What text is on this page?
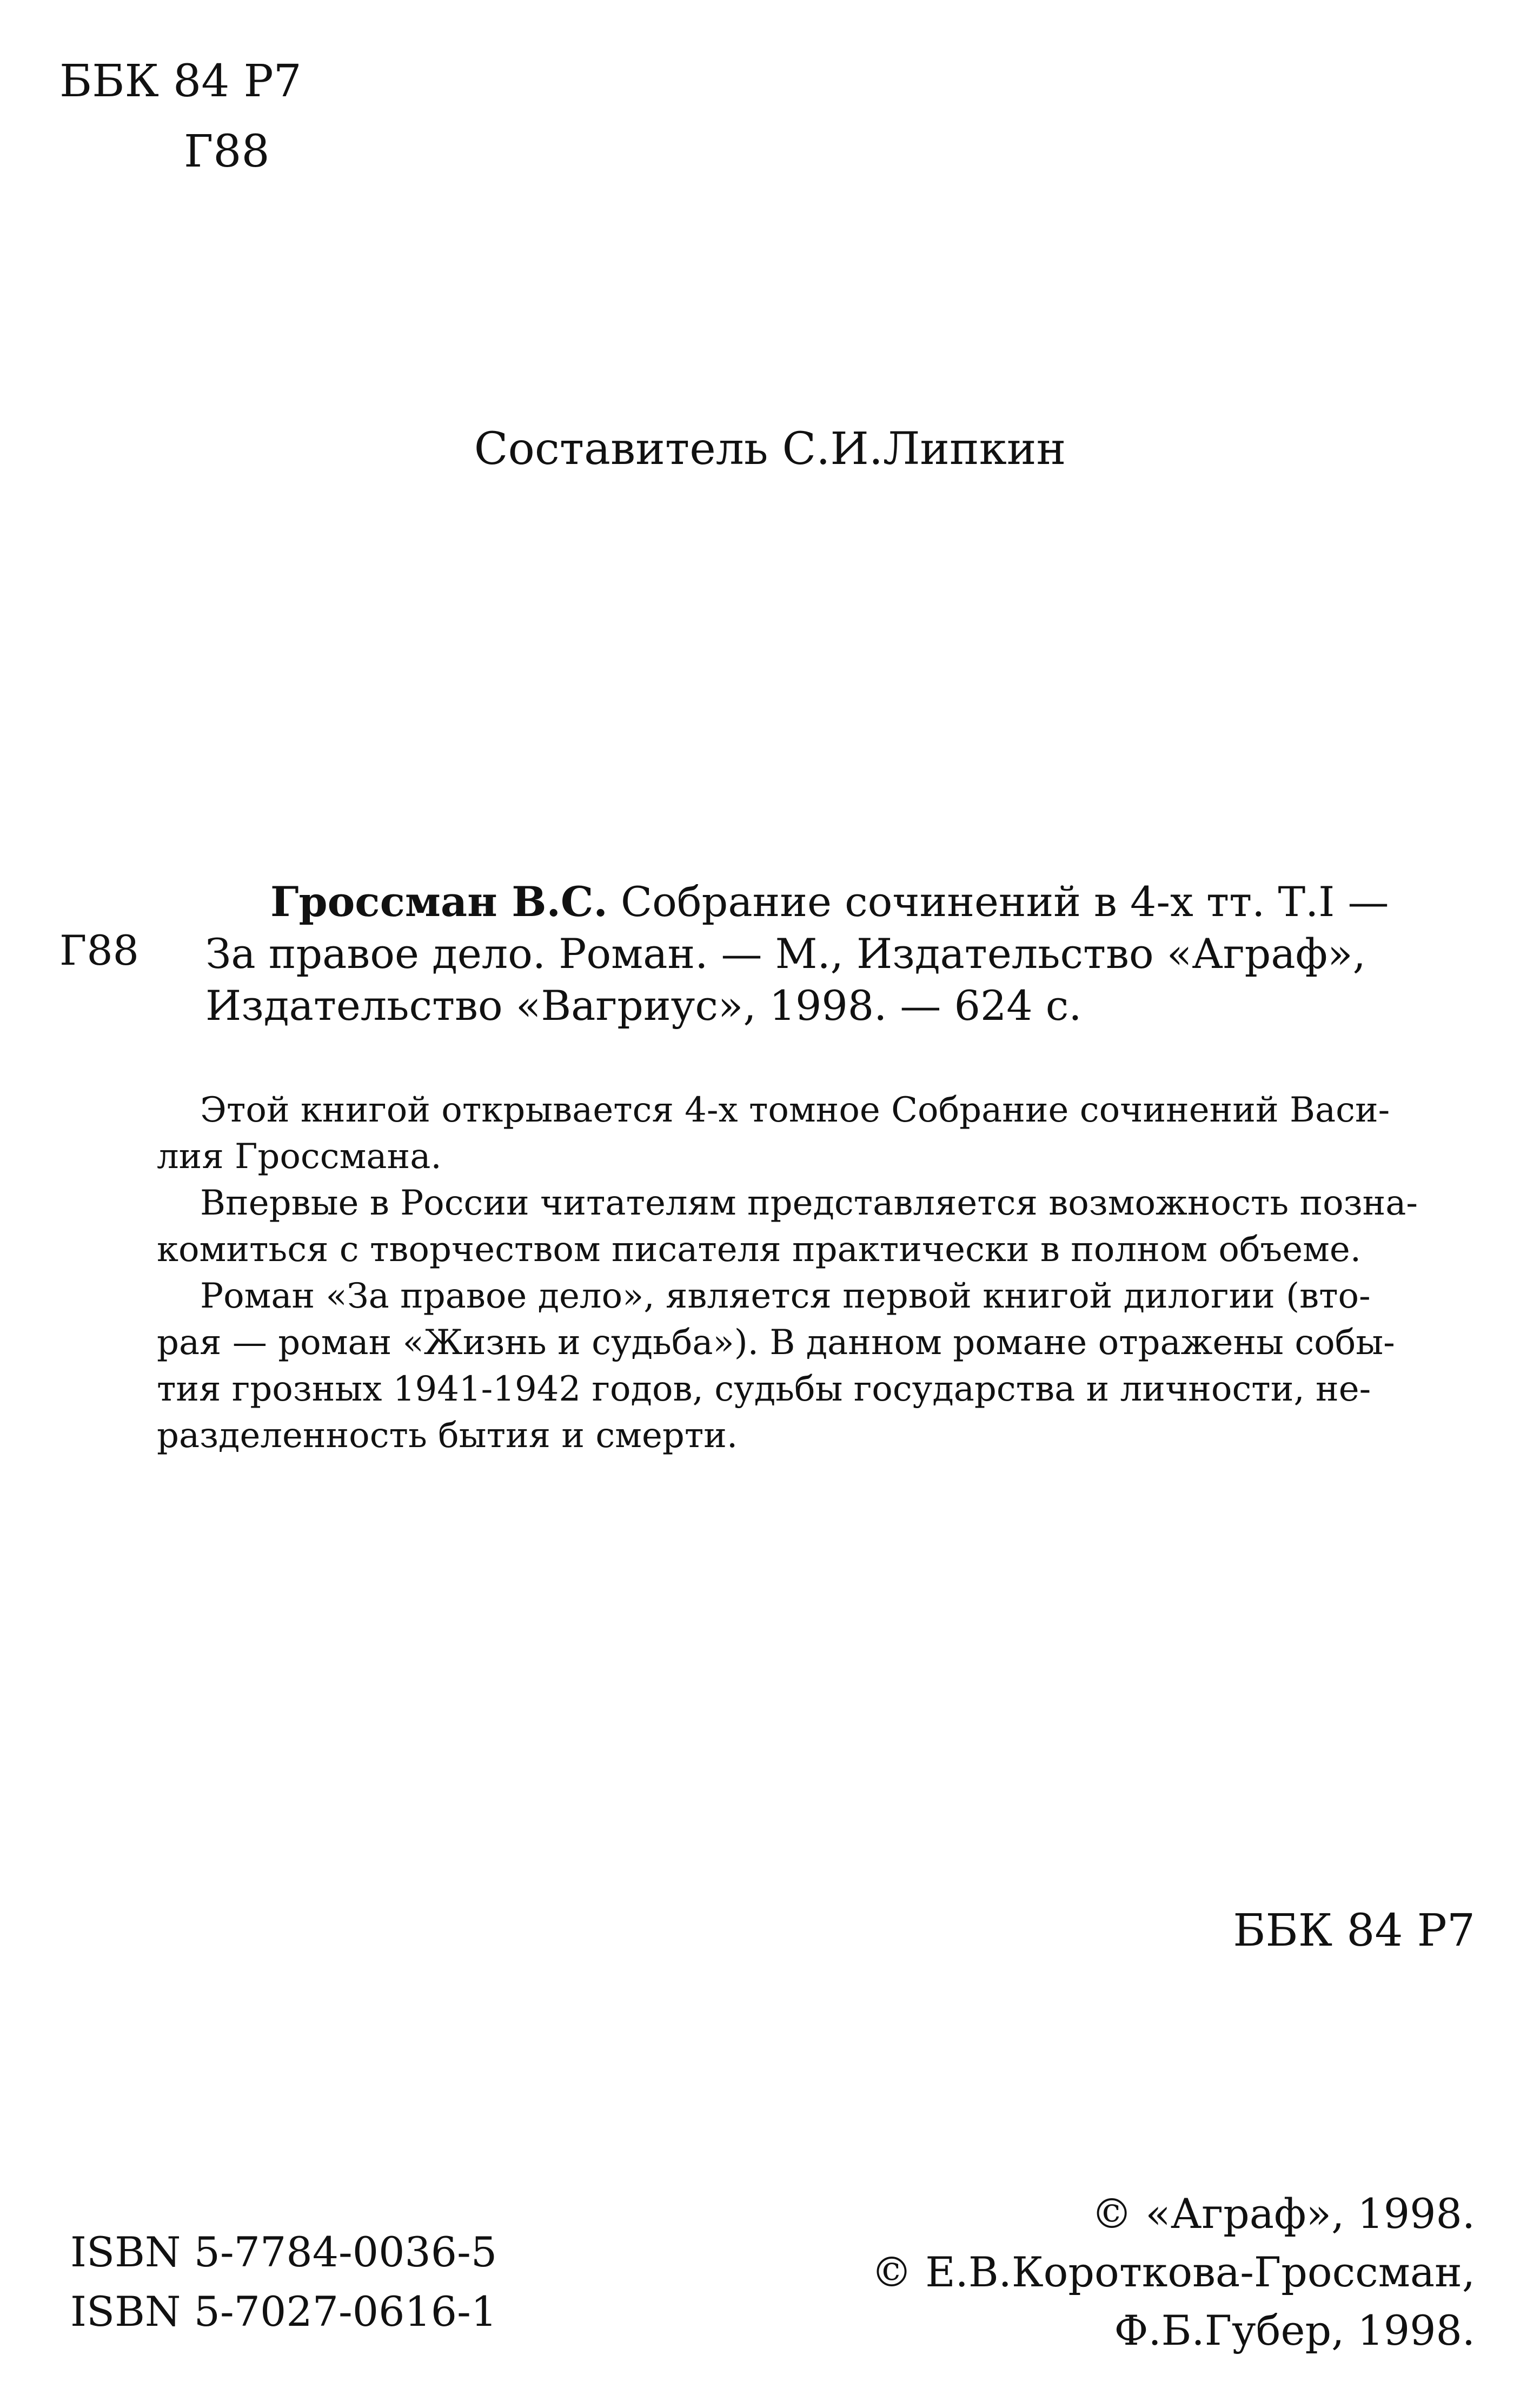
ББК 84 Р7
Г88
Составитель С.И.Липкин
Г88
Гроссман В.С. Собрание сочинений в 4-х тт. Т.I —
За правое дело. Роман. — М., Издательство «Аграф»,
Издательство «Вагриус», 1998. — 624 с.
Этой книгой открывается 4-х томное Собрание сочинений Васи-
лия Гроссмана.
Впервые в России читателям представляется возможность позна-
комиться с творчеством писателя практически в полном объеме.
Роман «За правое дело», является первой книгой дилогии (вто-
рая — роман «Жизнь и судьба»). В данном романе отражены собы-
тия грозных 1941-1942 годов, судьбы государства и личности, не-
разделенность бытия и смерти.
ББК 84 Р7
ISBN 5-7784-0036-5
ISBN 5-7027-0616-1
© «Аграф», 1998.
© Е.В.Короткова-Гроссман,
Ф.Б.Губер, 1998.
